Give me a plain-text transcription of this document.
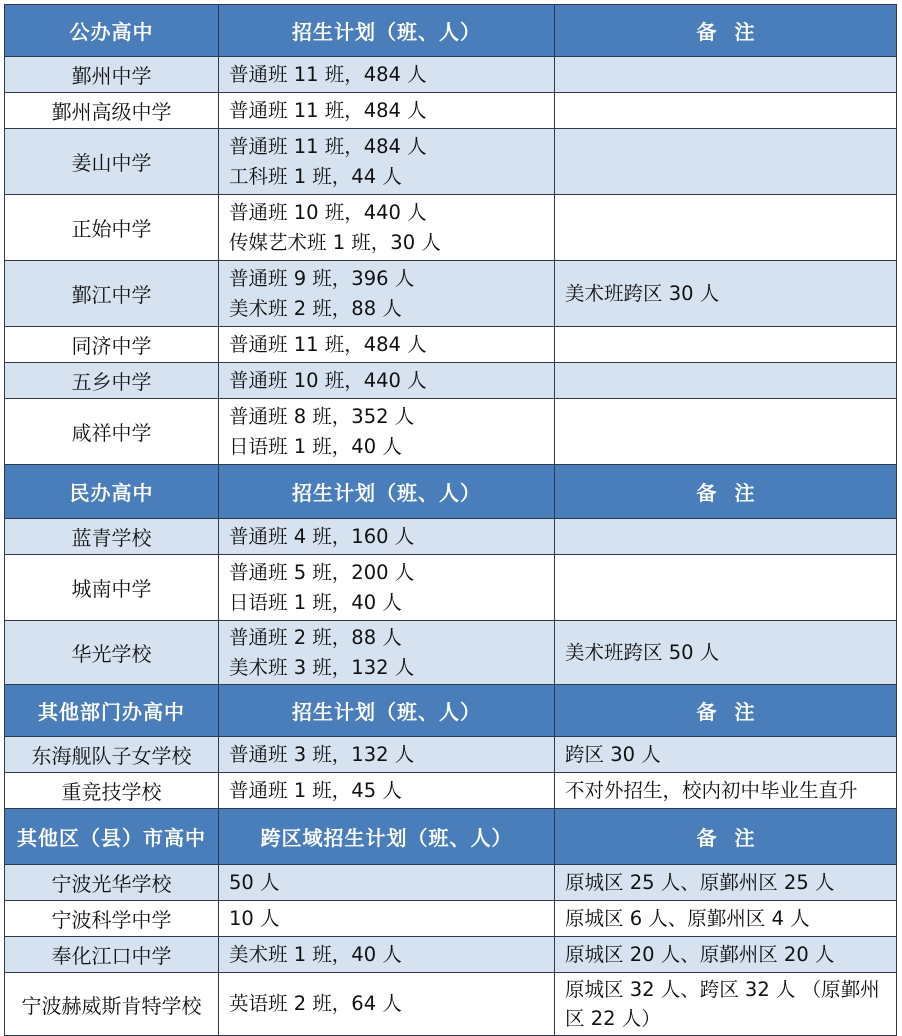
公办高中	招生计划（班、人）	备注
鄞州中学	普通班 11 班，484 人	

鄞州高级中学	普通班 11 班，484 人	

姜山中学	普通班 11 班，484 人
工科班 1 班，44 人	

正始中学	普通班 10 班，440 人
传媒艺术班 1 班，30 人	

鄞江中学	普通班 9 班，396 人
美术班 2 班，88 人	美术班跨区 30 人
同济中学	普通班 11 班，484 人	

五乡中学	普通班 10 班，440 人	

咸祥中学	普通班 8 班，352 人
日语班 1 班，40 人	

民办高中	招生计划（班、人）	备注
蓝青学校	普通班 4 班，160 人	

城南中学	普通班 5 班，200 人
日语班 1 班，40 人	

华光学校	普通班 2 班，88 人
美术班 3 班，132 人	美术班跨区 50 人
其他部门办高中	招生计划（班、人）	备注
东海舰队子女学校	普通班 3 班，132 人	跨区 30 人
重竞技学校	普通班 1 班，45 人	不对外招生，校内初中毕业生直升
其他区（县）市高中	跨区域招生计划（班、人）	备注
宁波光华学校	50 人	原城区 25 人、原鄞州区 25 人
宁波科学中学	10 人	原城区 6 人、原鄞州区 4 人
奉化江口中学	美术班 1 班，40 人	原城区 20 人、原鄞州区 20 人
宁波赫威斯肯特学校	英语班 2 班，64 人	原城区 32 人、跨区 32 人 （原鄞州区 22 人）
